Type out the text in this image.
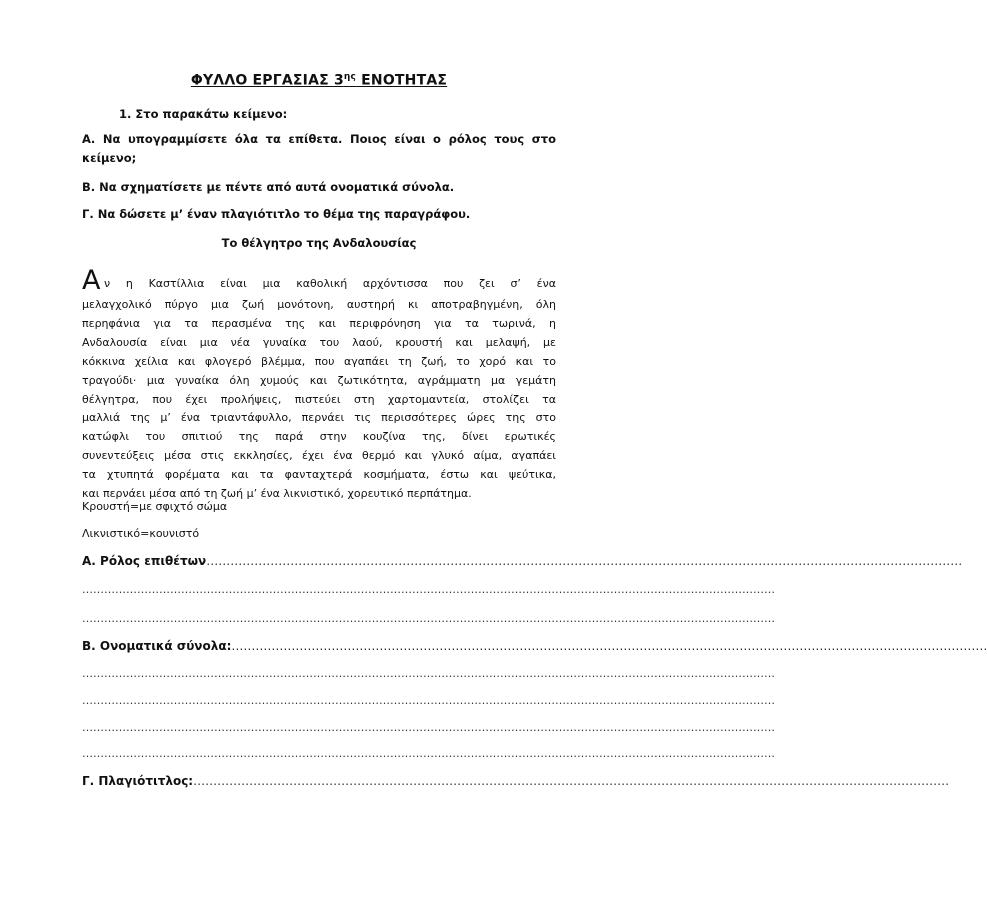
ΦΥΛΛΟ ΕΡΓΑΣΙΑΣ $3^{\eta\varsigma}$ ΕΝΟΤΗΤΑΣ
1. Στο παρακάτω κείμενο:
Α. Να υπογραμμίσετε όλα τα επίθετα. Ποιος είναι ο ρόλος τους στο κείμενο;
Β. Να σχηματίσετε με πέντε από αυτά ονοματικά σύνολα.
Γ. Να δώσετε μ’ έναν πλαγιότιτλο το θέμα της παραγράφου.
Το θέλγητρο της Ανδαλουσίας
Α ν η Καστίλλια είναι μια καθολική αρχόντισσα που ζει σ’ ένα
μελαγχολικό πύργο μια ζωή μονότονη, αυστηρή κι αποτραβηγμένη, όλη
περηφάνια για τα περασμένα της και περιφρόνηση για τα τωρινά, η
Ανδαλουσία είναι μια νέα γυναίκα του λαού, κρουστή και μελαψή, με
κόκκινα χείλια και φλογερό βλέμμα, που αγαπάει τη ζωή, το χορό και το
τραγούδι· μια γυναίκα όλη χυμούς και ζωτικότητα, αγράμματη μα γεμάτη
θέλγητρα, που έχει προλήψεις, πιστεύει στη χαρτομαντεία, στολίζει τα
μαλλιά της μ’ ένα τριαντάφυλλο, περνάει τις περισσότερες ώρες της στο
κατώφλι του σπιτιού της παρά στην κουζίνα της, δίνει ερωτικές
συνεντεύξεις μέσα στις εκκλησίες, έχει ένα θερμό και γλυκό αίμα, αγαπάει
τα χτυπητά φορέματα και τα φανταχτερά κοσμήματα, έστω και ψεύτικα,
και περνάει μέσα από τη ζωή μ’ ένα λικνιστικό, χορευτικό περπάτημα.
Κρουστή=με σφιχτό σώμα
Λικνιστικό=κουνιστό
Α. Ρόλος επιθέτων………………………………………………………………………………………………………………………………………………………………………
………………………………………………………………………………………………………………………………………………………………………
………………………………………………………………………………………………………………………………………………………………………
Β. Ονοματικά σύνολα:………………………………………………………………………………………………………………………………………………………………………
………………………………………………………………………………………………………………………………………………………………………
………………………………………………………………………………………………………………………………………………………………………
………………………………………………………………………………………………………………………………………………………………………
………………………………………………………………………………………………………………………………………………………………………
Γ. Πλαγιότιτλος:………………………………………………………………………………………………………………………………………………………………………
